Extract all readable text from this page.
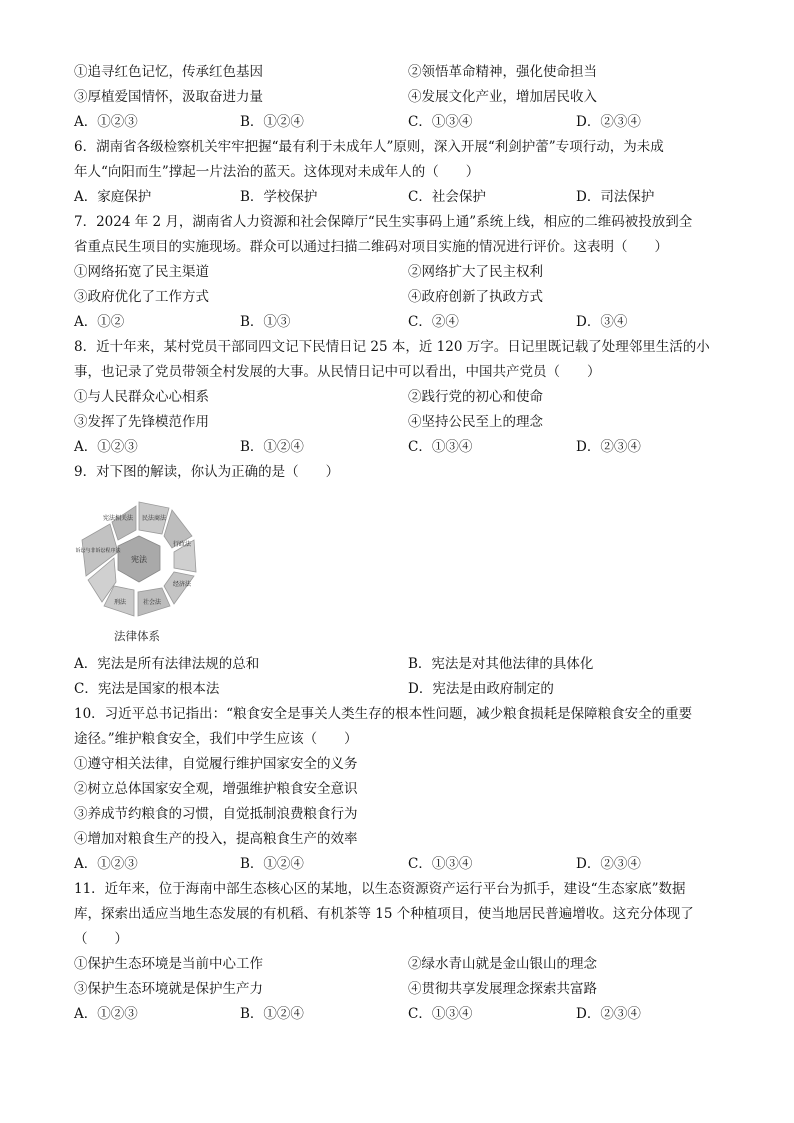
①追寻红色记忆，传承红色基因	②领悟革命精神，强化使命担当
③厚植爱国情怀，汲取奋进力量	④发展文化产业，增加居民收入
A．①②③	B．①②④	C．①③④	D．②③④
6．湖南省各级检察机关牢牢把握“最有利于未成年人”原则，深入开展“利剑护蕾”专项行动，为未成
年人“向阳而生”撑起一片法治的蓝天。这体现对未成年人的（　　）
A．家庭保护	B．学校保护	C．社会保护	D．司法保护
7．2024 年 2 月，湖南省人力资源和社会保障厅“民生实事码上通”系统上线，相应的二维码被投放到全
省重点民生项目的实施现场。群众可以通过扫描二维码对项目实施的情况进行评价。这表明（　　）
①网络拓宽了民主渠道	②网络扩大了民主权利
③政府优化了工作方式	④政府创新了执政方式
A．①②	B．①③	C．②④	D．③④
8．近十年来，某村党员干部同四文记下民情日记 25 本，近 120 万字。日记里既记载了处理邻里生活的小
事，也记录了党员带领全村发展的大事。从民情日记中可以看出，中国共产党员（　　）
①与人民群众心心相系	②践行党的初心和使命
③发挥了先锋模范作用	④坚持公民至上的理念
A．①②③	B．①②④	C．①③④	D．②③④
9．对下图的解读，你认为正确的是（　　）
宪法
宪法相关法 民法商法
行政法
经济法
社会法
刑法
诉讼与非诉讼程序法
法律体系
A．宪法是所有法律法规的总和	B．宪法是对其他法律的具体化
C．宪法是国家的根本法	D．宪法是由政府制定的
10．习近平总书记指出：“粮食安全是事关人类生存的根本性问题，减少粮食损耗是保障粮食安全的重要
途径。”维护粮食安全，我们中学生应该（　　）
①遵守相关法律，自觉履行维护国家安全的义务
②树立总体国家安全观，增强维护粮食安全意识
③养成节约粮食的习惯，自觉抵制浪费粮食行为
④增加对粮食生产的投入，提高粮食生产的效率
A．①②③	B．①②④	C．①③④	D．②③④
11．近年来，位于海南中部生态核心区的某地，以生态资源资产运行平台为抓手，建设“生态家底”数据
库，探索出适应当地生态发展的有机稻、有机茶等 15 个种植项目，使当地居民普遍增收。这充分体现了
（　　）
①保护生态环境是当前中心工作	②绿水青山就是金山银山的理念
③保护生态环境就是保护生产力	④贯彻共享发展理念探索共富路
A．①②③	B．①②④	C．①③④	D．②③④
